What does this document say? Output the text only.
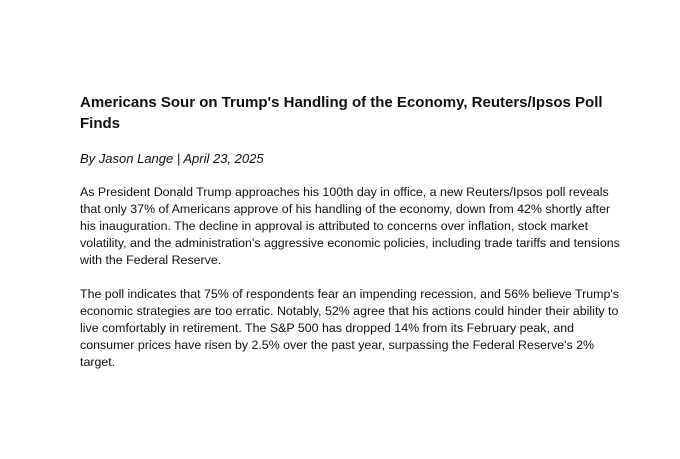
Americans Sour on Trump's Handling of the Economy, Reuters/Ipsos Poll Finds

By Jason Lange | April 23, 2025

As President Donald Trump approaches his 100th day in office, a new Reuters/Ipsos poll reveals that only 37% of Americans approve of his handling of the economy, down from 42% shortly after his inauguration. The decline in approval is attributed to concerns over inflation, stock market volatility, and the administration's aggressive economic policies, including trade tariffs and tensions with the Federal Reserve.

The poll indicates that 75% of respondents fear an impending recession, and 56% believe Trump's economic strategies are too erratic. Notably, 52% agree that his actions could hinder their ability to live comfortably in retirement. The S&P 500 has dropped 14% from its February peak, and consumer prices have risen by 2.5% over the past year, surpassing the Federal Reserve's 2% target.
